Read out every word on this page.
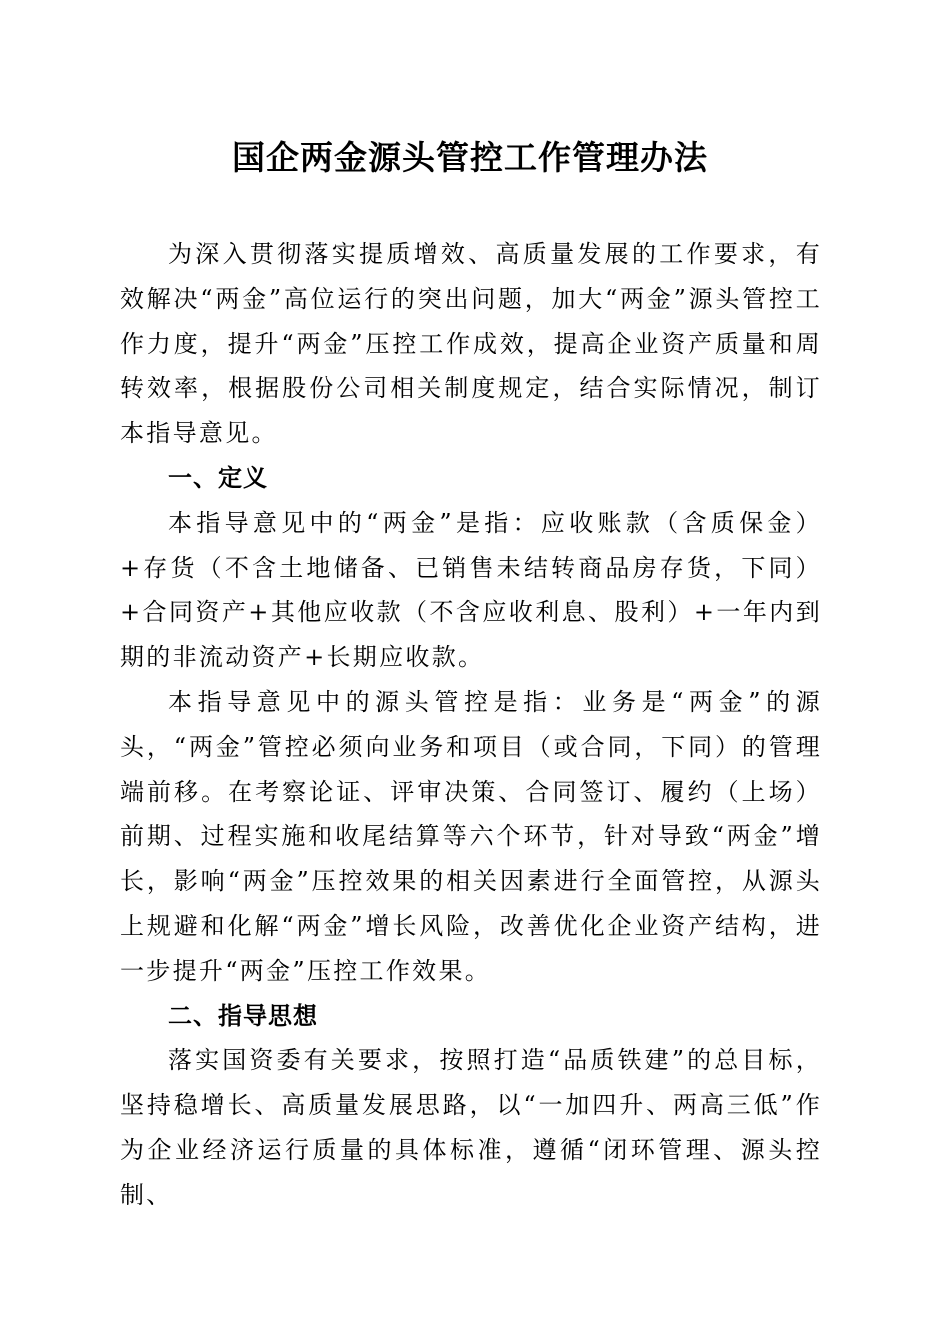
国企两金源头管控工作管理办法

为深入贯彻落实提质增效、高质量发展的工作要求，有效解决“两金”高位运行的突出问题，加大“两金”源头管控工作力度，提升“两金”压控工作成效，提高企业资产质量和周转效率，根据股份公司相关制度规定，结合实际情况，制订本指导意见。

一、定义

本指导意见中的“两金”是指：应收账款（含质保金）+存货（不含土地储备、已销售未结转商品房存货，下同）+合同资产+其他应收款（不含应收利息、股利）+一年内到期的非流动资产+长期应收款。

本指导意见中的源头管控是指：业务是“两金”的源头，“两金”管控必须向业务和项目（或合同，下同）的管理端前移。在考察论证、评审决策、合同签订、履约（上场）前期、过程实施和收尾结算等六个环节，针对导致“两金”增长，影响“两金”压控效果的相关因素进行全面管控，从源头上规避和化解“两金”增长风险，改善优化企业资产结构，进一步提升“两金”压控工作效果。

二、指导思想

落实国资委有关要求，按照打造“品质铁建”的总目标，坚持稳增长、高质量发展思路，以“一加四升、两高三低”作为企业经济运行质量的具体标准，遵循“闭环管理、源头控制、
